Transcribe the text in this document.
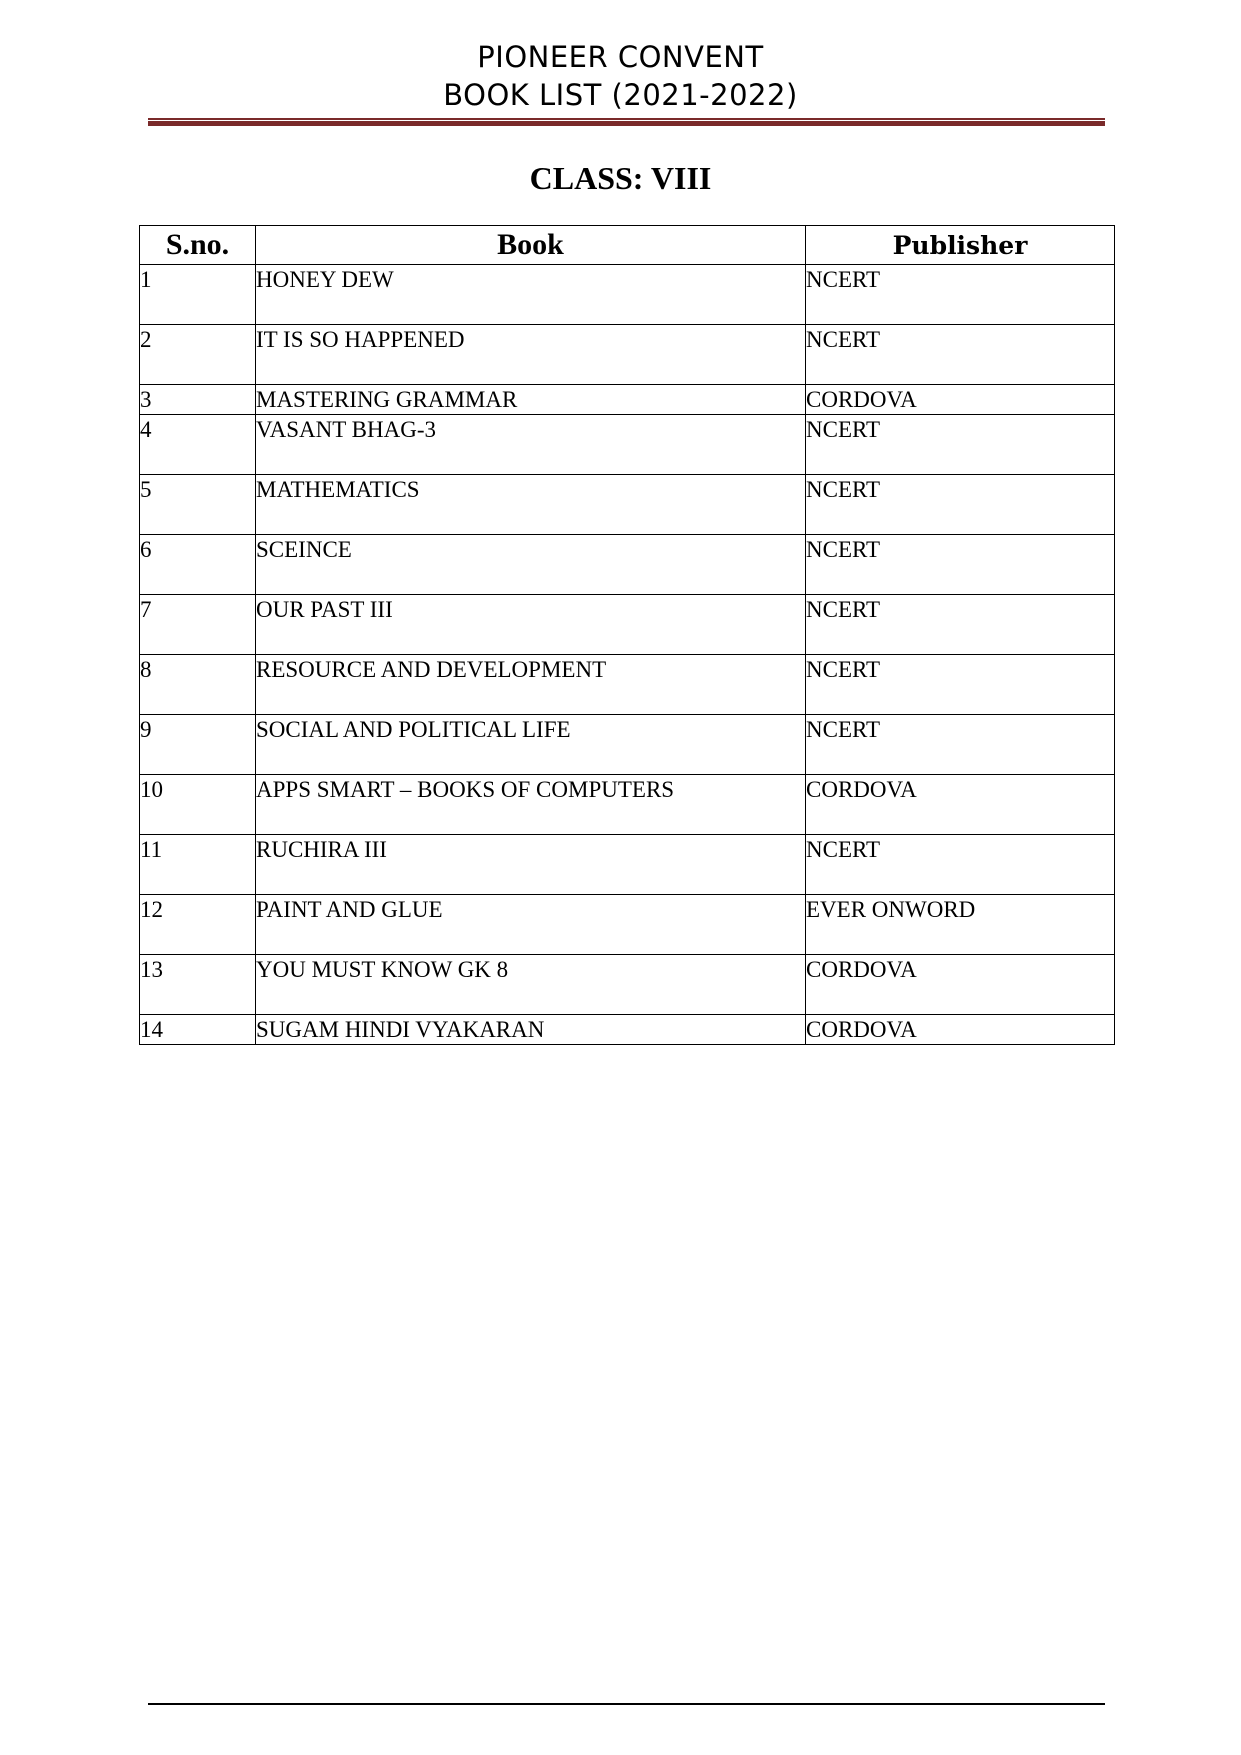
PIONEER CONVENT
BOOK LIST (2021-2022)
CLASS: VIII
S.no.	Book	Publisher
1	HONEY DEW	NCERT
2	IT IS SO HAPPENED	NCERT
3	MASTERING GRAMMAR	CORDOVA
4	VASANT BHAG-3	NCERT
5	MATHEMATICS	NCERT
6	SCEINCE	NCERT
7	OUR PAST III	NCERT
8	RESOURCE AND DEVELOPMENT	NCERT
9	SOCIAL AND POLITICAL LIFE	NCERT
10	APPS SMART – BOOKS OF COMPUTERS	CORDOVA
11	RUCHIRA III	NCERT
12	PAINT AND GLUE	EVER ONWORD
13	YOU MUST KNOW GK 8	CORDOVA
14	SUGAM HINDI VYAKARAN	CORDOVA
